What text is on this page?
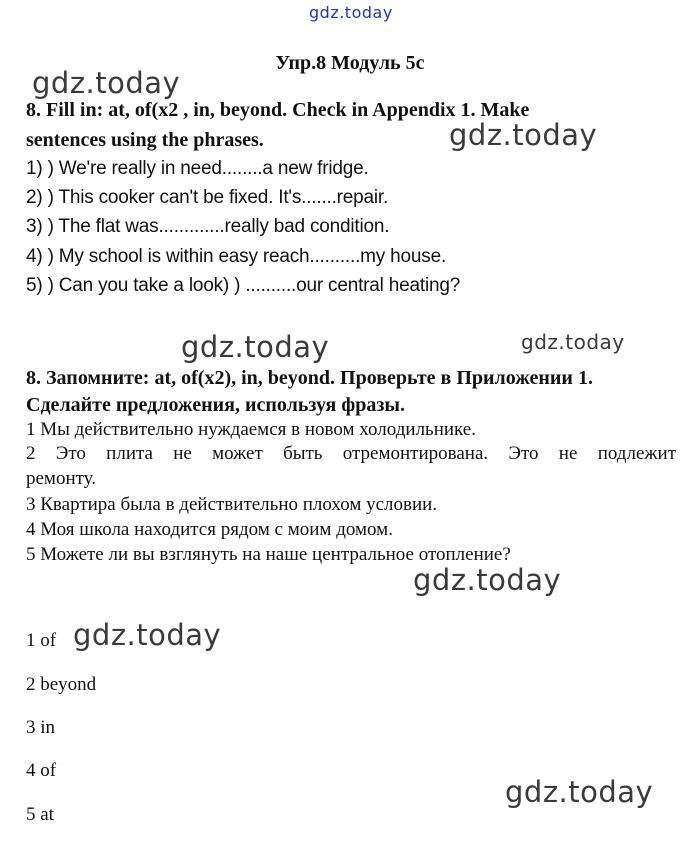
gdz.today
gdz.today
gdz.today
gdz.today	gdz.today
gdz.today
gdz.today
gdz.today
Упр.8 Модуль 5с
8. Fill in: at, of(x2 , in, beyond. Check in Appendix 1. Make
sentences using the phrases.
1) ) We're really in need........a new fridge.
2) ) This cooker can't be fixed. It's.......repair.
3) ) The flat was.............really bad condition.
4) ) My school is within easy reach..........my house.
5) ) Can you take a look) ) ..........our central heating?
8. Запомните: at, of(x2), in, beyond. Проверьте в Приложении 1.
Сделайте предложения, используя фразы.
1 Мы действительно нуждаемся в новом холодильнике.
2 Это плита не может быть отремонтирована. Это не подлежит
ремонту.
3 Квартира была в действительно плохом условии.
4 Моя школа находится рядом с моим домом.
5 Можете ли вы взглянуть на наше центральное отопление?
1 of
2 beyond
3 in
4 of
5 at
